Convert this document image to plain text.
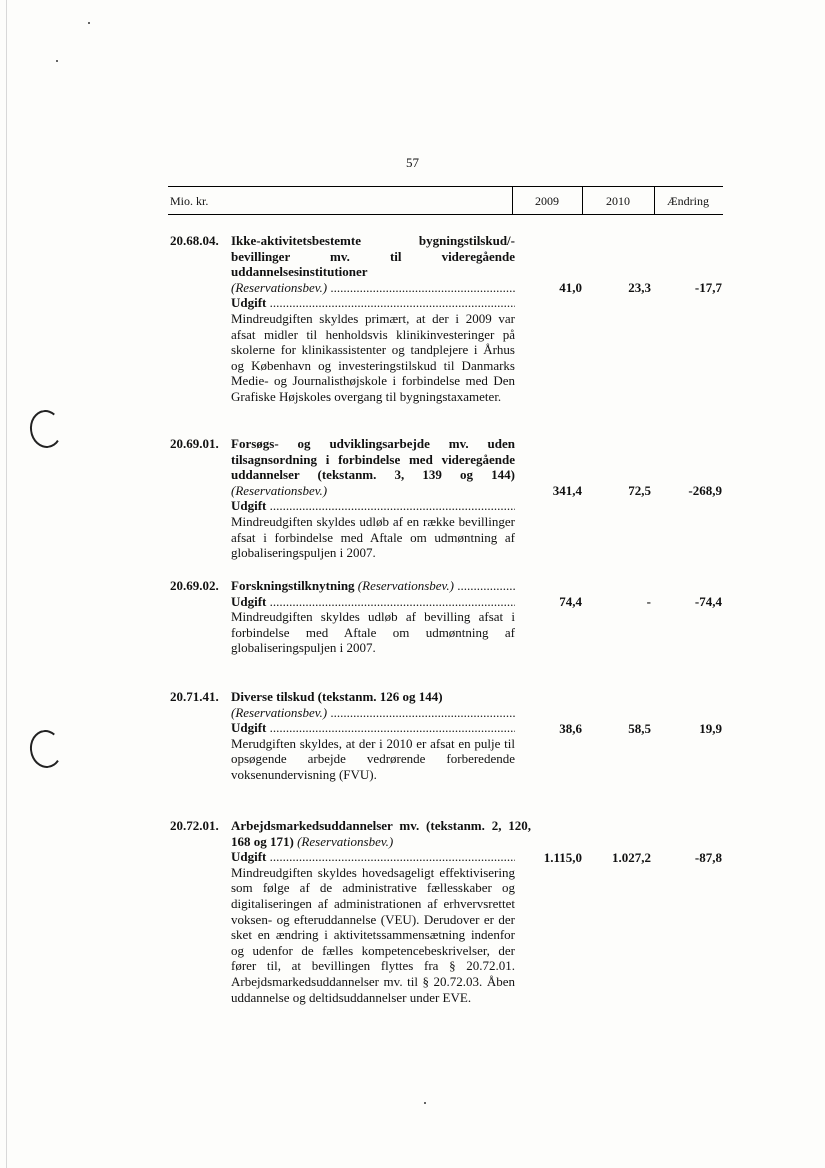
57
Mio. kr.	2009	2010	Ændring
20.68.04. Ikke-aktivitetsbestemte bygningstilskud/-bevillinger mv. til videregående uddannelsesinstitutioner
(Reservationsbev.) .....
Udgift .....
Mindreudgiften skyldes primært, at der i 2009 var afsat midler til henholdsvis klinikinvesteringer på skolerne for klinikassistenter og tandplejere i Århus og København og investeringstilskud til Danmarks Medie- og Journalisthøjskole i forbindelse med Den Grafiske Højskoles overgang til bygningstaxameter.
41,0	23,3	-17,7
20.69.01. Forsøgs- og udviklingsarbejde mv. uden tilsagnsordning i forbindelse med videregående uddannelser (tekstanm. 3, 139 og 144) (Reservationsbev.)
Udgift .....
Mindreudgiften skyldes udløb af en række bevillinger afsat i forbindelse med Aftale om udmøntning af globaliseringspuljen i 2007.
341,4	72,5	-268,9
20.69.02. Forskningstilknytning (Reservationsbev.) .....
Udgift .....
Mindreudgiften skyldes udløb af bevilling afsat i forbindelse med Aftale om udmøntning af globaliseringspuljen i 2007.
74,4	-	-74,4
20.71.41. Diverse tilskud (tekstanm. 126 og 144)
(Reservationsbev.) .....
Udgift .....
Merudgiften skyldes, at der i 2010 er afsat en pulje til opsøgende arbejde vedrørende forberedende voksenundervisning (FVU).
38,6	58,5	19,9
20.72.01. Arbejdsmarkedsuddannelser mv. (tekstanm. 2, 120, 168 og 171) (Reservationsbev.)
Udgift .....
Mindreudgiften skyldes hovedsageligt effektivisering som følge af de administrative fællesskaber og digitaliseringen af administrationen af erhvervsrettet voksen- og efteruddannelse (VEU). Derudover er der sket en ændring i aktivitetssammensætning indenfor og udenfor de fælles kompetencebeskrivelser, der fører til, at bevillingen flyttes fra § 20.72.01. Arbejdsmarkedsuddannelser mv. til § 20.72.03. Åben uddannelse og deltidsuddannelser under EVE.
1.115,0	1.027,2	-87,8
